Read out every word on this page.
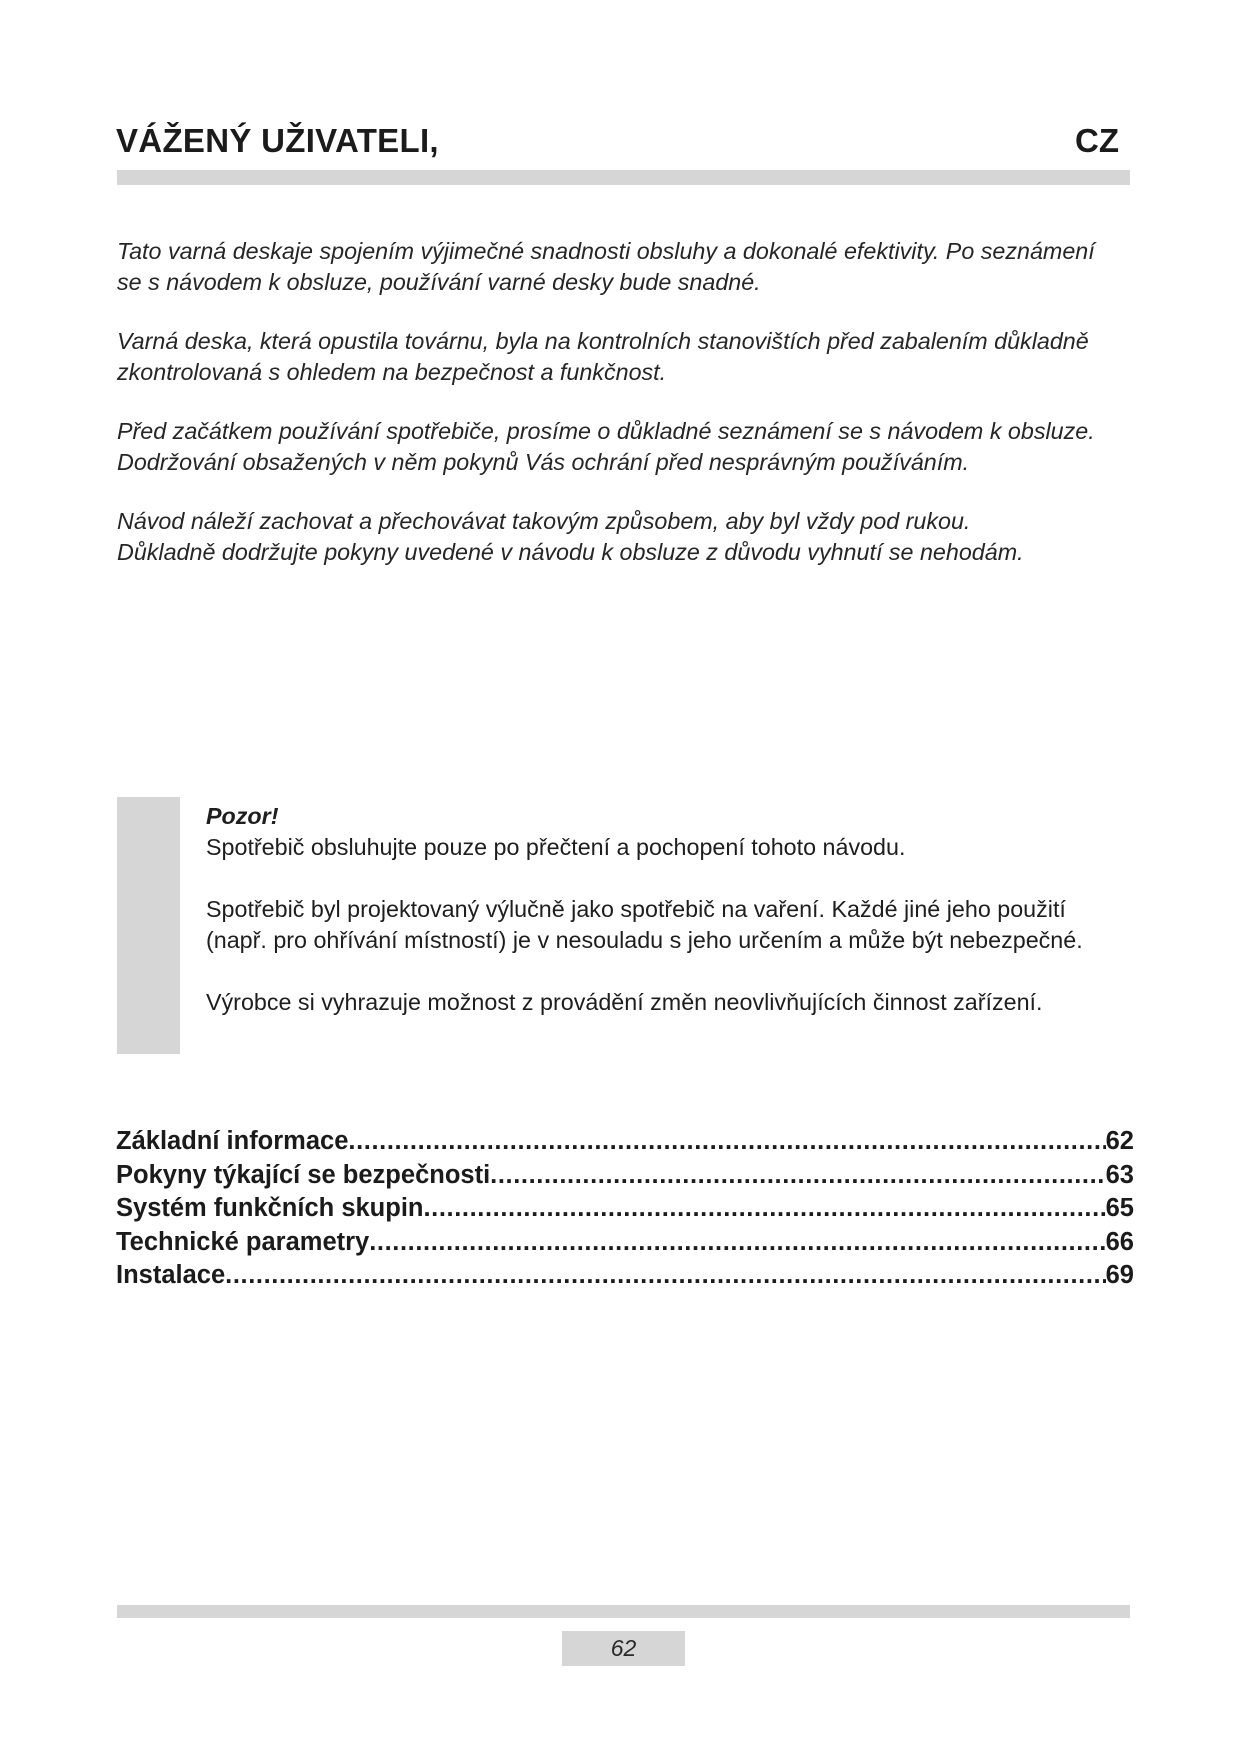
VÁŽENÝ UŽIVATELI,	CZ

Tato varná deskaje spojením výjimečné snadnosti obsluhy a dokonalé efektivity. Po seznámení
se s návodem k obsluze, používání varné desky bude snadné.

Varná deska, která opustila továrnu, byla na kontrolních stanovištích před zabalením důkladně
zkontrolovaná s ohledem na bezpečnost a funkčnost.

Před začátkem používání spotřebiče, prosíme o důkladné seznámení se s návodem k obsluze.
Dodržování obsažených v něm pokynů Vás ochrání před nesprávným používáním.

Návod náleží zachovat a přechovávat takovým způsobem, aby byl vždy pod rukou.
Důkladně dodržujte pokyny uvedené v návodu k obsluze z důvodu vyhnutí se nehodám.

Pozor!

Spotřebič obsluhujte pouze po přečtení a pochopení tohoto návodu.

Spotřebič byl projektovaný výlučně jako spotřebič na vaření. Každé jiné jeho použití
(např. pro ohřívání místností) je v nesouladu s jeho určením a může být nebezpečné.

Výrobce si vyhrazuje možnost z provádění změn neovlivňujících činnost zařízení.

Základní informace .....	62
Pokyny týkající se bezpečnosti .....	63
Systém funkčních skupin .....	65
Technické parametry .....	66
Instalace .....	69
62
